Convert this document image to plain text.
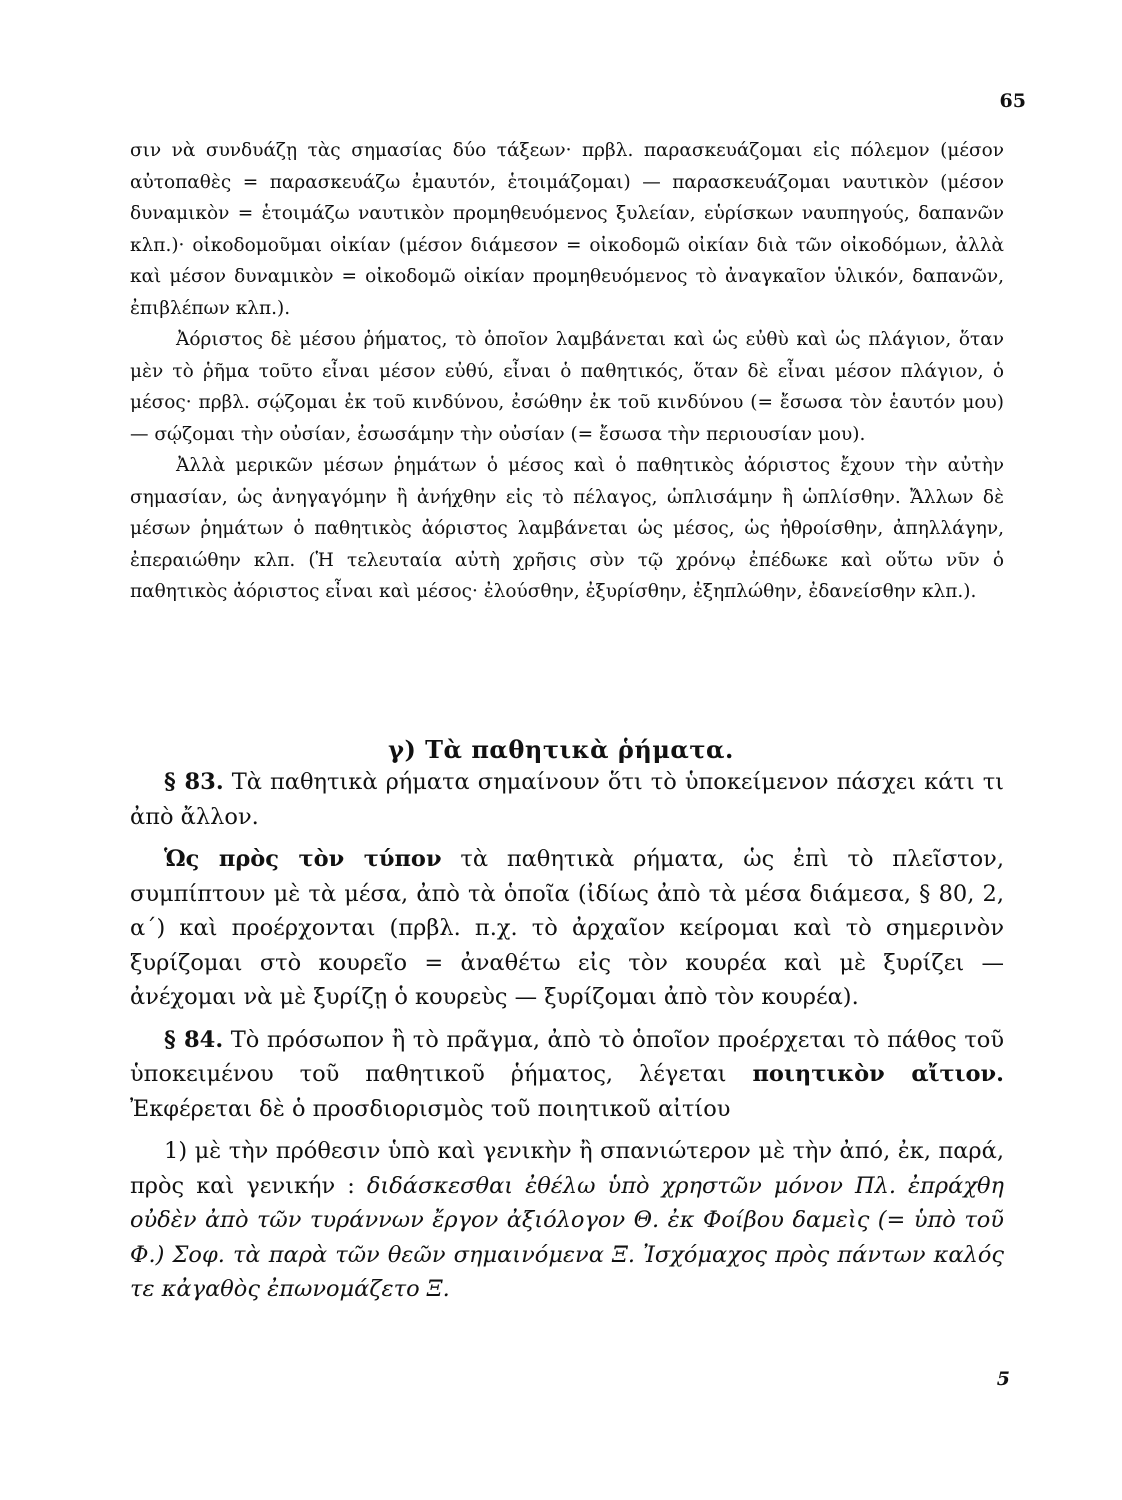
65

σιν νὰ συνδυάζῃ τὰς σημασίας δύο τάξεων· πρβλ. παρασκευάζομαι εἰς πόλεμον (μέσον αὐτοπαθὲς = παρασκευάζω ἐμαυτόν, ἑτοιμάζομαι) — παρασκευάζομαι ναυτικὸν (μέσον δυναμικὸν = ἑτοιμάζω ναυτικὸν προμηθευόμενος ξυλείαν, εὑρίσκων ναυπηγούς, δαπανῶν κλπ.)· οἰκοδομοῦμαι οἰκίαν (μέσον διάμεσον = οἰκοδομῶ οἰκίαν διὰ τῶν οἰκοδόμων, ἀλλὰ καὶ μέσον δυναμικὸν = οἰκοδομῶ οἰκίαν προμηθευόμενος τὸ ἀναγκαῖον ὑλικόν, δαπανῶν, ἐπιβλέπων κλπ.).

Ἀόριστος δὲ μέσου ῥήματος, τὸ ὁποῖον λαμβάνεται καὶ ὡς εὐθὺ καὶ ὡς πλάγιον, ὅταν μὲν τὸ ῥῆμα τοῦτο εἶναι μέσον εὐθύ, εἶναι ὁ παθητικός, ὅταν δὲ εἶναι μέσον πλάγιον, ὁ μέσος· πρβλ. σῴζομαι ἐκ τοῦ κινδύνου, ἐσώθην ἐκ τοῦ κινδύνου (= ἔσωσα τὸν ἑαυτόν μου) — σῴζομαι τὴν οὐσίαν, ἐσωσάμην τὴν οὐσίαν (= ἔσωσα τὴν περιουσίαν μου).

Ἀλλὰ μερικῶν μέσων ῥημάτων ὁ μέσος καὶ ὁ παθητικὸς ἀόριστος ἔχουν τὴν αὐτὴν σημασίαν, ὡς ἀνηγαγόμην ἢ ἀνήχθην εἰς τὸ πέλαγος, ὡπλισάμην ἢ ὡπλίσθην. Ἄλλων δὲ μέσων ῥημάτων ὁ παθητικὸς ἀόριστος λαμβάνεται ὡς μέσος, ὡς ἠθροίσθην, ἀπηλλάγην, ἐπεραιώθην κλπ. (Ἡ τελευταία αὐτὴ χρῆσις σὺν τῷ χρόνῳ ἐπέδωκε καὶ οὕτω νῦν ὁ παθητικὸς ἀόριστος εἶναι καὶ μέσος· ἐλούσθην, ἐξυρίσθην, ἐξηπλώθην, ἐδανείσθην κλπ.).

γ) Τὰ παθητικὰ ῥήματα.

§ 83. Τὰ παθητικὰ ρήματα σημαίνουν ὅτι τὸ ὑποκείμενον πάσχει κάτι τι ἀπὸ ἄλλον.

Ὡς πρὸς τὸν τύπον τὰ παθητικὰ ρήματα, ὡς ἐπὶ τὸ πλεῖστον, συμπίπτουν μὲ τὰ μέσα, ἀπὸ τὰ ὁποῖα (ἰδίως ἀπὸ τὰ μέσα διάμεσα, § 80, 2, α΄) καὶ προέρχονται (πρβλ. π.χ. τὸ ἀρχαῖον κείρομαι καὶ τὸ σημερινὸν ξυρίζομαι στὸ κουρεῖο = ἀναθέτω εἰς τὸν κουρέα καὶ μὲ ξυρίζει — ἀνέχομαι νὰ μὲ ξυρίζῃ ὁ κουρεὺς — ξυρίζομαι ἀπὸ τὸν κουρέα).

§ 84. Τὸ πρόσωπον ἢ τὸ πρᾶγμα, ἀπὸ τὸ ὁποῖον προέρχεται τὸ πάθος τοῦ ὑποκειμένου τοῦ παθητικοῦ ῥήματος, λέγεται ποιητικὸν αἴτιον. Ἐκφέρεται δὲ ὁ προσδιορισμὸς τοῦ ποιητικοῦ αἰτίου

1) μὲ τὴν πρόθεσιν ὑπὸ καὶ γενικὴν ἢ σπανιώτερον μὲ τὴν ἀπό, ἐκ, παρά, πρὸς καὶ γενικήν : διδάσκεσθαι ἐθέλω ὑπὸ χρηστῶν μόνον Πλ. ἐπράχθη οὐδὲν ἀπὸ τῶν τυράννων ἔργον ἀξιόλογον Θ. ἐκ Φοίβου δαμεὶς (= ὑπὸ τοῦ Φ.) Σοφ. τὰ παρὰ τῶν θεῶν σημαινόμενα Ξ. Ἰσχόμαχος πρὸς πάντων καλός τε κἀγαθὸς ἐπωνομάζετο Ξ.

5
